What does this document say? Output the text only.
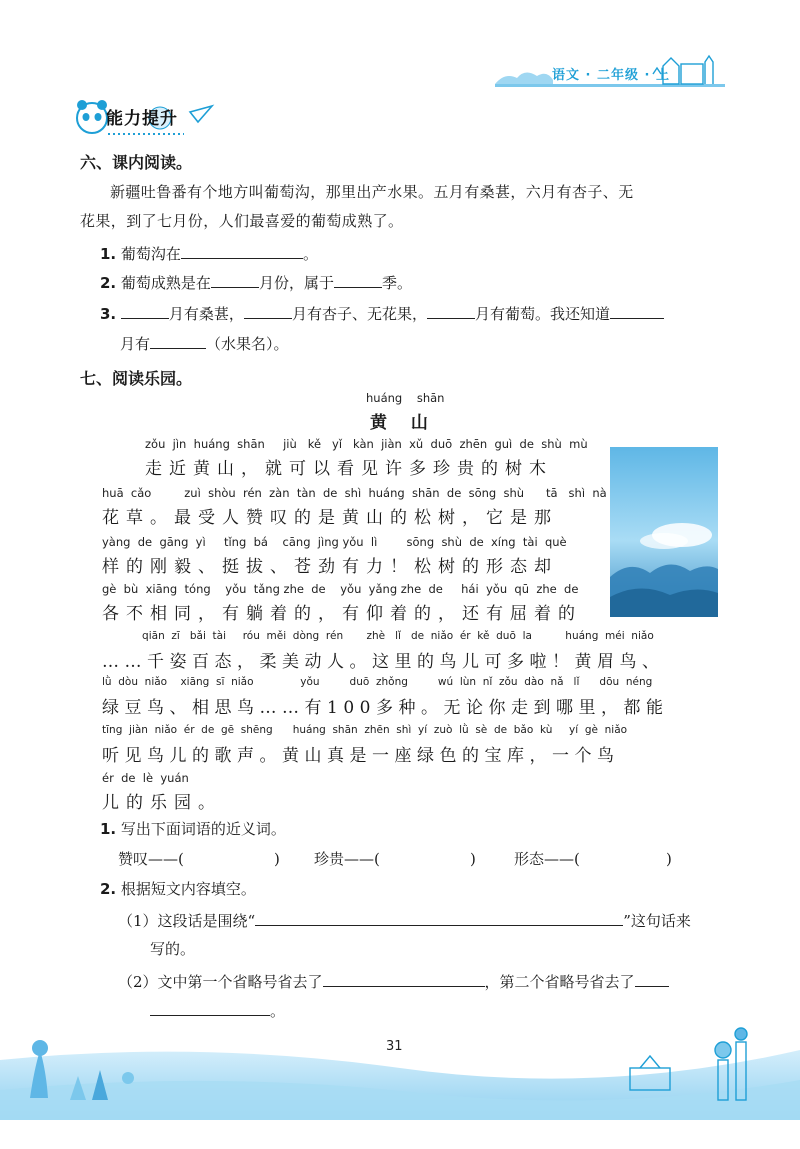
语文 · 二年级 · 上
能力提升
六、课内阅读。
新疆吐鲁番有个地方叫葡萄沟，那里出产水果。五月有桑葚，六月有杏子、无
花果，到了七月份，人们最喜爱的葡萄成熟了。
1. 葡萄沟在	。
2. 葡萄成熟是在	月份，属于	季。
3.	月有桑葚，	月有杏子、无花果，	月有葡萄。我还知道
月有	（水果名）。
七、阅读乐园。
huáng    shān
黄  山
zǒu  jìn  huáng  shān     jiù   kě   yǐ   kàn  jiàn  xǔ  duō  zhēn  guì  de  shù  mù
走近黄山，就可以看见许多珍贵的树木
huā  cǎo         zuì  shòu  rén  zàn  tàn  de  shì  huáng  shān  de  sōng  shù      tā   shì  nà
花草。最受人赞叹的是黄山的松树，它是那
yàng  de  gāng  yì     tǐng  bá    cāng  jìng yǒu  lì        sōng  shù  de  xíng  tài  què
样的刚毅、挺拔、苍劲有力！松树的形态却
gè  bù  xiāng  tóng    yǒu  tǎng zhe  de    yǒu  yǎng zhe  de     hái  yǒu  qū  zhe  de
各不相同，有躺着的，有仰着的，还有屈着的
qiān  zī   bǎi  tài     róu  měi  dòng  rén       zhè   lǐ   de  niǎo  ér  kě  duō  la          huáng  méi  niǎo
……千姿百态，柔美动人。这里的鸟儿可多啦！黄眉鸟、
lǜ  dòu  niǎo    xiāng  sī  niǎo              yǒu         duō  zhǒng         wú  lùn  nǐ  zǒu  dào  nǎ   lǐ      dōu  néng
绿豆鸟、相思鸟……有100多种。无论你走到哪里，都能
tīng  jiàn  niǎo  ér  de  gē  shēng      huáng  shān  zhēn  shì  yí  zuò  lǜ  sè  de  bǎo  kù     yí  gè  niǎo
听见鸟儿的歌声。黄山真是一座绿色的宝库，一个鸟
ér  de  lè  yuán
儿的乐园。
1. 写出下面词语的近义词。
赞叹——(	) 珍贵——(	)	形态——(	)
2. 根据短文内容填空。
（1）这段话是围绕“	”这句话来
写的。
（2）文中第一个省略号省去了	，第二个省略号省去了
。
31
